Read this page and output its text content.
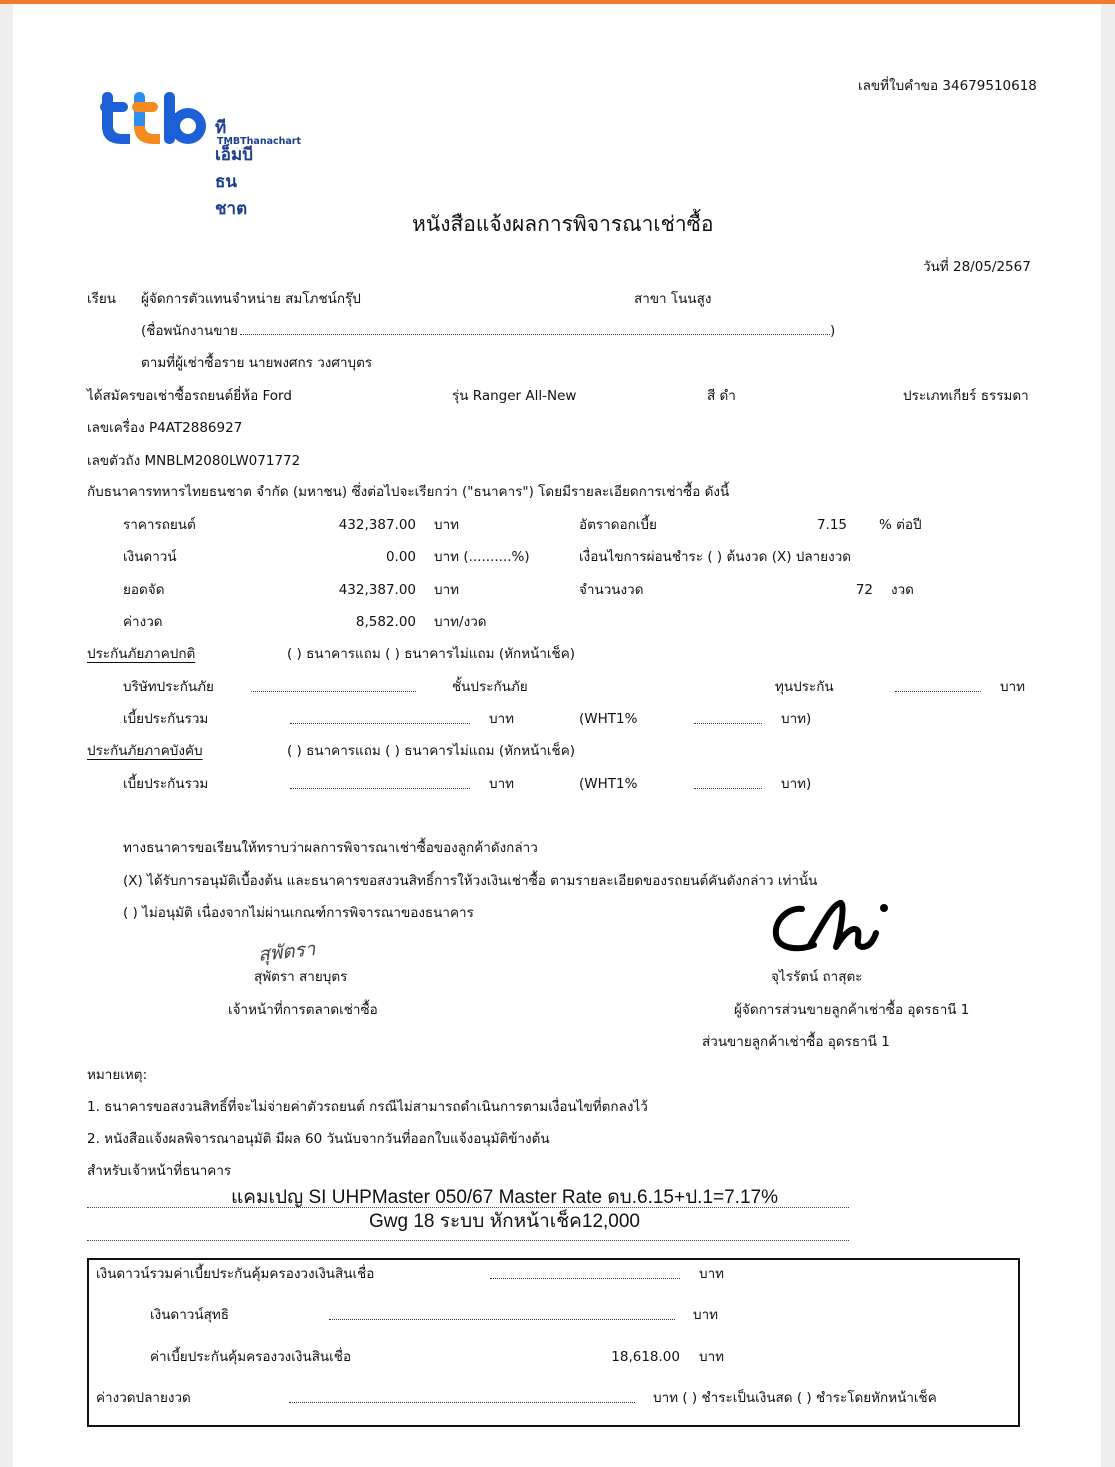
ทีเอ็มบีธนชาต
TMBThanachart
เลขที่ใบคำขอ 34679510618
หนังสือแจ้งผลการพิจารณาเช่าซื้อ
วันที่ 28/05/2567
เรียน ผู้จัดการตัวแทนจำหน่าย สมโภชน์กรุ๊ป	สาขา โนนสูง
(ชื่อพนักงานขาย	)
ตามที่ผู้เช่าซื้อราย นายพงศกร วงศาบุตร
ได้สมัครขอเช่าซื้อรถยนต์ยี่ห้อ Ford	รุ่น Ranger All-New	สี ดำ	ประเภทเกียร์ ธรรมดา
เลขเครื่อง P4AT2886927
เลขตัวถัง MNBLM2080LW071772
กับธนาคารทหารไทยธนชาต จำกัด (มหาชน) ซึ่งต่อไปจะเรียกว่า ("ธนาคาร") โดยมีรายละเอียดการเช่าซื้อ ดังนี้
ราคารถยนต์	432,387.00 บาท	อัตราดอกเบี้ย	7.15 % ต่อปี
เงินดาวน์	0.00 บาท (..........%)	เงื่อนไขการผ่อนชำระ ( ) ต้นงวด (X) ปลายงวด
ยอดจัด	432,387.00 บาท	จำนวนงวด	72 งวด
ค่างวด	8,582.00 บาท/งวด
ประกันภัยภาคปกติ	( ) ธนาคารแถม ( ) ธนาคารไม่แถม (หักหน้าเช็ค)
บริษัทประกันภัย	ชั้นประกันภัย	ทุนประกัน	บาท
เบี้ยประกันรวม	บาท	(WHT1%	บาท)
ประกันภัยภาคบังคับ	( ) ธนาคารแถม ( ) ธนาคารไม่แถม (หักหน้าเช็ค)
เบี้ยประกันรวม	บาท	(WHT1%	บาท)
ทางธนาคารขอเรียนให้ทราบว่าผลการพิจารณาเช่าซื้อของลูกค้าดังกล่าว
(X) ได้รับการอนุมัติเบื้องต้น และธนาคารขอสงวนสิทธิ์การให้วงเงินเช่าซื้อ ตามรายละเอียดของรถยนต์คันดังกล่าว เท่านั้น
( ) ไม่อนุมัติ เนื่องจากไม่ผ่านเกณฑ์การพิจารณาของธนาคาร
สุพัตรา
สุพัตรา สายบุตร
เจ้าหน้าที่การตลาดเช่าซื้อ
จุไรรัตน์ ถาสุตะ
ผู้จัดการส่วนขายลูกค้าเช่าซื้อ อุดรธานี 1
ส่วนขายลูกค้าเช่าซื้อ อุดรธานี 1
หมายเหตุ:
1. ธนาคารขอสงวนสิทธิ์ที่จะไม่จ่ายค่าตัวรถยนต์ กรณีไม่สามารถดำเนินการตามเงื่อนไขที่ตกลงไว้
2. หนังสือแจ้งผลพิจารณาอนุมัติ มีผล 60 วันนับจากวันที่ออกใบแจ้งอนุมัติข้างต้น
สำหรับเจ้าหน้าที่ธนาคาร
แคมเปญ SI UHPMaster 050/67 Master Rate ดบ.6.15+ป.1=7.17%
Gwg 18 ระบบ หักหน้าเช็ค12,000
เงินดาวน์รวมค่าเบี้ยประกันคุ้มครองวงเงินสินเชื่อ	บาท
เงินดาวน์สุทธิ	บาท
ค่าเบี้ยประกันคุ้มครองวงเงินสินเชื่อ	18,618.00 บาท
ค่างวดปลายงวด	บาท ( ) ชำระเป็นเงินสด ( ) ชำระโดยหักหน้าเช็ค
